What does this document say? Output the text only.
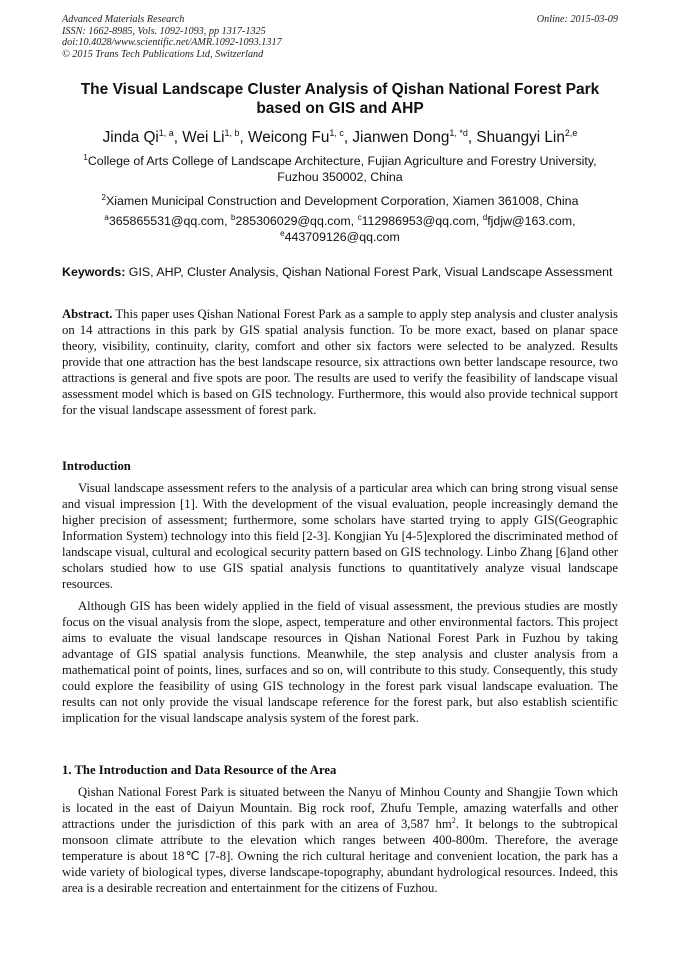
Advanced Materials Research
ISSN: 1662-8985, Vols. 1092-1093, pp 1317-1325
doi:10.4028/www.scientific.net/AMR.1092-1093.1317
© 2015 Trans Tech Publications Ltd, Switzerland
Online: 2015-03-09
The Visual Landscape Cluster Analysis of Qishan National Forest Park
based on GIS and AHP
Jinda Qi$^{1, a}$, Wei Li$^{1, b}$, Weicong Fu$^{1, c}$, Jianwen Dong$^{1, *d}$, Shuangyi Lin$^{2,e}$
$^1$College of Arts College of Landscape Architecture, Fujian Agriculture and Forestry University,
Fuzhou 350002, China
$^2$Xiamen Municipal Construction and Development Corporation, Xiamen 361008, China
$^a$365865531@qq.com, $^b$285306029@qq.com, $^c$112986953@qq.com, $^d$fjdjw@163.com,
$^e$443709126@qq.com
Keywords: GIS, AHP, Cluster Analysis, Qishan National Forest Park, Visual Landscape Assessment

Abstract. This paper uses Qishan National Forest Park as a sample to apply step analysis and cluster analysis on 14 attractions in this park by GIS spatial analysis function. To be more exact, based on planar space theory, visibility, continuity, clarity, comfort and other six factors were selected to be analyzed. Results provide that one attraction has the best landscape resource, six attractions own better landscape resource, two attractions is general and five spots are poor. The results are used to verify the feasibility of landscape visual assessment model which is based on GIS technology. Furthermore, this would also provide technical support for the visual landscape assessment of forest park.

Introduction

Visual landscape assessment refers to the analysis of a particular area which can bring strong visual sense and visual impression [1]. With the development of the visual evaluation, people increasingly demand the higher precision of assessment; furthermore, some scholars have started trying to apply GIS(Geographic Information System) technology into this field [2-3]. Kongjian Yu [4-5]explored the discriminated method of landscape visual, cultural and ecological security pattern based on GIS technology. Linbo Zhang [6]and other scholars studied how to use GIS spatial analysis functions to quantitatively analyze visual landscape resources.

Although GIS has been widely applied in the field of visual assessment, the previous studies are mostly focus on the visual analysis from the slope, aspect, temperature and other environmental factors. This project aims to evaluate the visual landscape resources in Qishan National Forest Park in Fuzhou by taking advantage of GIS spatial analysis functions. Meanwhile, the step analysis and cluster analysis from a mathematical point of points, lines, surfaces and so on, will contribute to this study. Consequently, this study could explore the feasibility of using GIS technology in the forest park visual landscape evaluation. The results can not only provide the visual landscape reference for the forest park, but also establish scientific implication for the visual landscape analysis system of the forest park.

1. The Introduction and Data Resource of the Area

Qishan National Forest Park is situated between the Nanyu of Minhou County and Shangjie Town which is located in the east of Daiyun Mountain. Big rock roof, Zhufu Temple, amazing waterfalls and other attractions under the jurisdiction of this park with an area of 3,587 $hm^2$. It belongs to the subtropical monsoon climate attribute to the elevation which ranges between 400-800m. Therefore, the average temperature is about 18℃ [7-8]. Owning the rich cultural heritage and convenient location, the park has a wide variety of biological types, diverse landscape-topography, abundant hydrological resources. Indeed, this area is a desirable recreation and entertainment for the citizens of Fuzhou.
